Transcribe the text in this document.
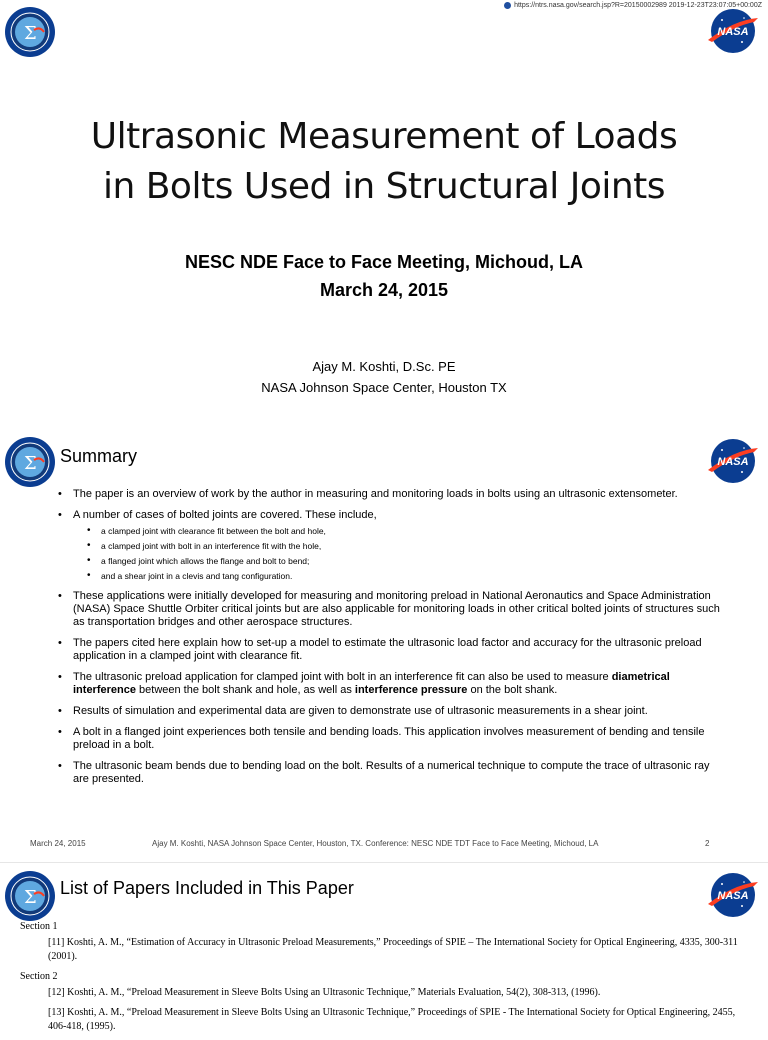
https://ntrs.nasa.gov/search.jsp?R=20150002989 2019-12-23T23:07:05+00:00Z
Σ	NASA
Ultrasonic Measurement of Loads
in Bolts Used in Structural Joints
NESC NDE Face to Face Meeting, Michoud, LA
March 24, 2015
Ajay M. Koshti, D.Sc. PE
NASA Johnson Space Center, Houston TX
Σ	NASA
Summary
• The paper is an overview of work by the author in measuring and monitoring loads in bolts using an ultrasonic extensometer.
• A number of cases of bolted joints are covered. These include,
• a clamped joint with clearance fit between the bolt and hole,
• a clamped joint with bolt in an interference fit with the hole,
• a flanged joint which allows the flange and bolt to bend;
• and a shear joint in a clevis and tang configuration.
• These applications were initially developed for measuring and monitoring preload in National Aeronautics and Space Administration (NASA) Space Shuttle Orbiter critical joints but are also applicable for monitoring loads in other critical bolted joints of structures such as transportation bridges and other aerospace structures.
• The papers cited here explain how to set-up a model to estimate the ultrasonic load factor and accuracy for the ultrasonic preload application in a clamped joint with clearance fit.
• The ultrasonic preload application for clamped joint with bolt in an interference fit can also be used to measure diametrical interference between the bolt shank and hole, as well as interference pressure on the bolt shank.
• Results of simulation and experimental data are given to demonstrate use of ultrasonic measurements in a shear joint.
• A bolt in a flanged joint experiences both tensile and bending loads. This application involves measurement of bending and tensile preload in a bolt.
• The ultrasonic beam bends due to bending load on the bolt. Results of a numerical technique to compute the trace of ultrasonic ray are presented.
March 24, 2015	Ajay M. Koshti, NASA Johnson Space Center, Houston, TX. Conference: NESC NDE TDT Face to Face Meeting, Michoud, LA	2
Σ	NASA
List of Papers Included in This Paper

Section 1

[11] Koshti, A. M., “Estimation of Accuracy in Ultrasonic Preload Measurements,” Proceedings of SPIE – The International Society for Optical Engineering, 4335, 300-311 (2001).

Section 2

[12] Koshti, A. M., “Preload Measurement in Sleeve Bolts Using an Ultrasonic Technique,” Materials Evaluation, 54(2), 308-313, (1996).

[13] Koshti, A. M., “Preload Measurement in Sleeve Bolts Using an Ultrasonic Technique,” Proceedings of SPIE - The International Society for Optical Engineering, 2455, 406-418, (1995).
